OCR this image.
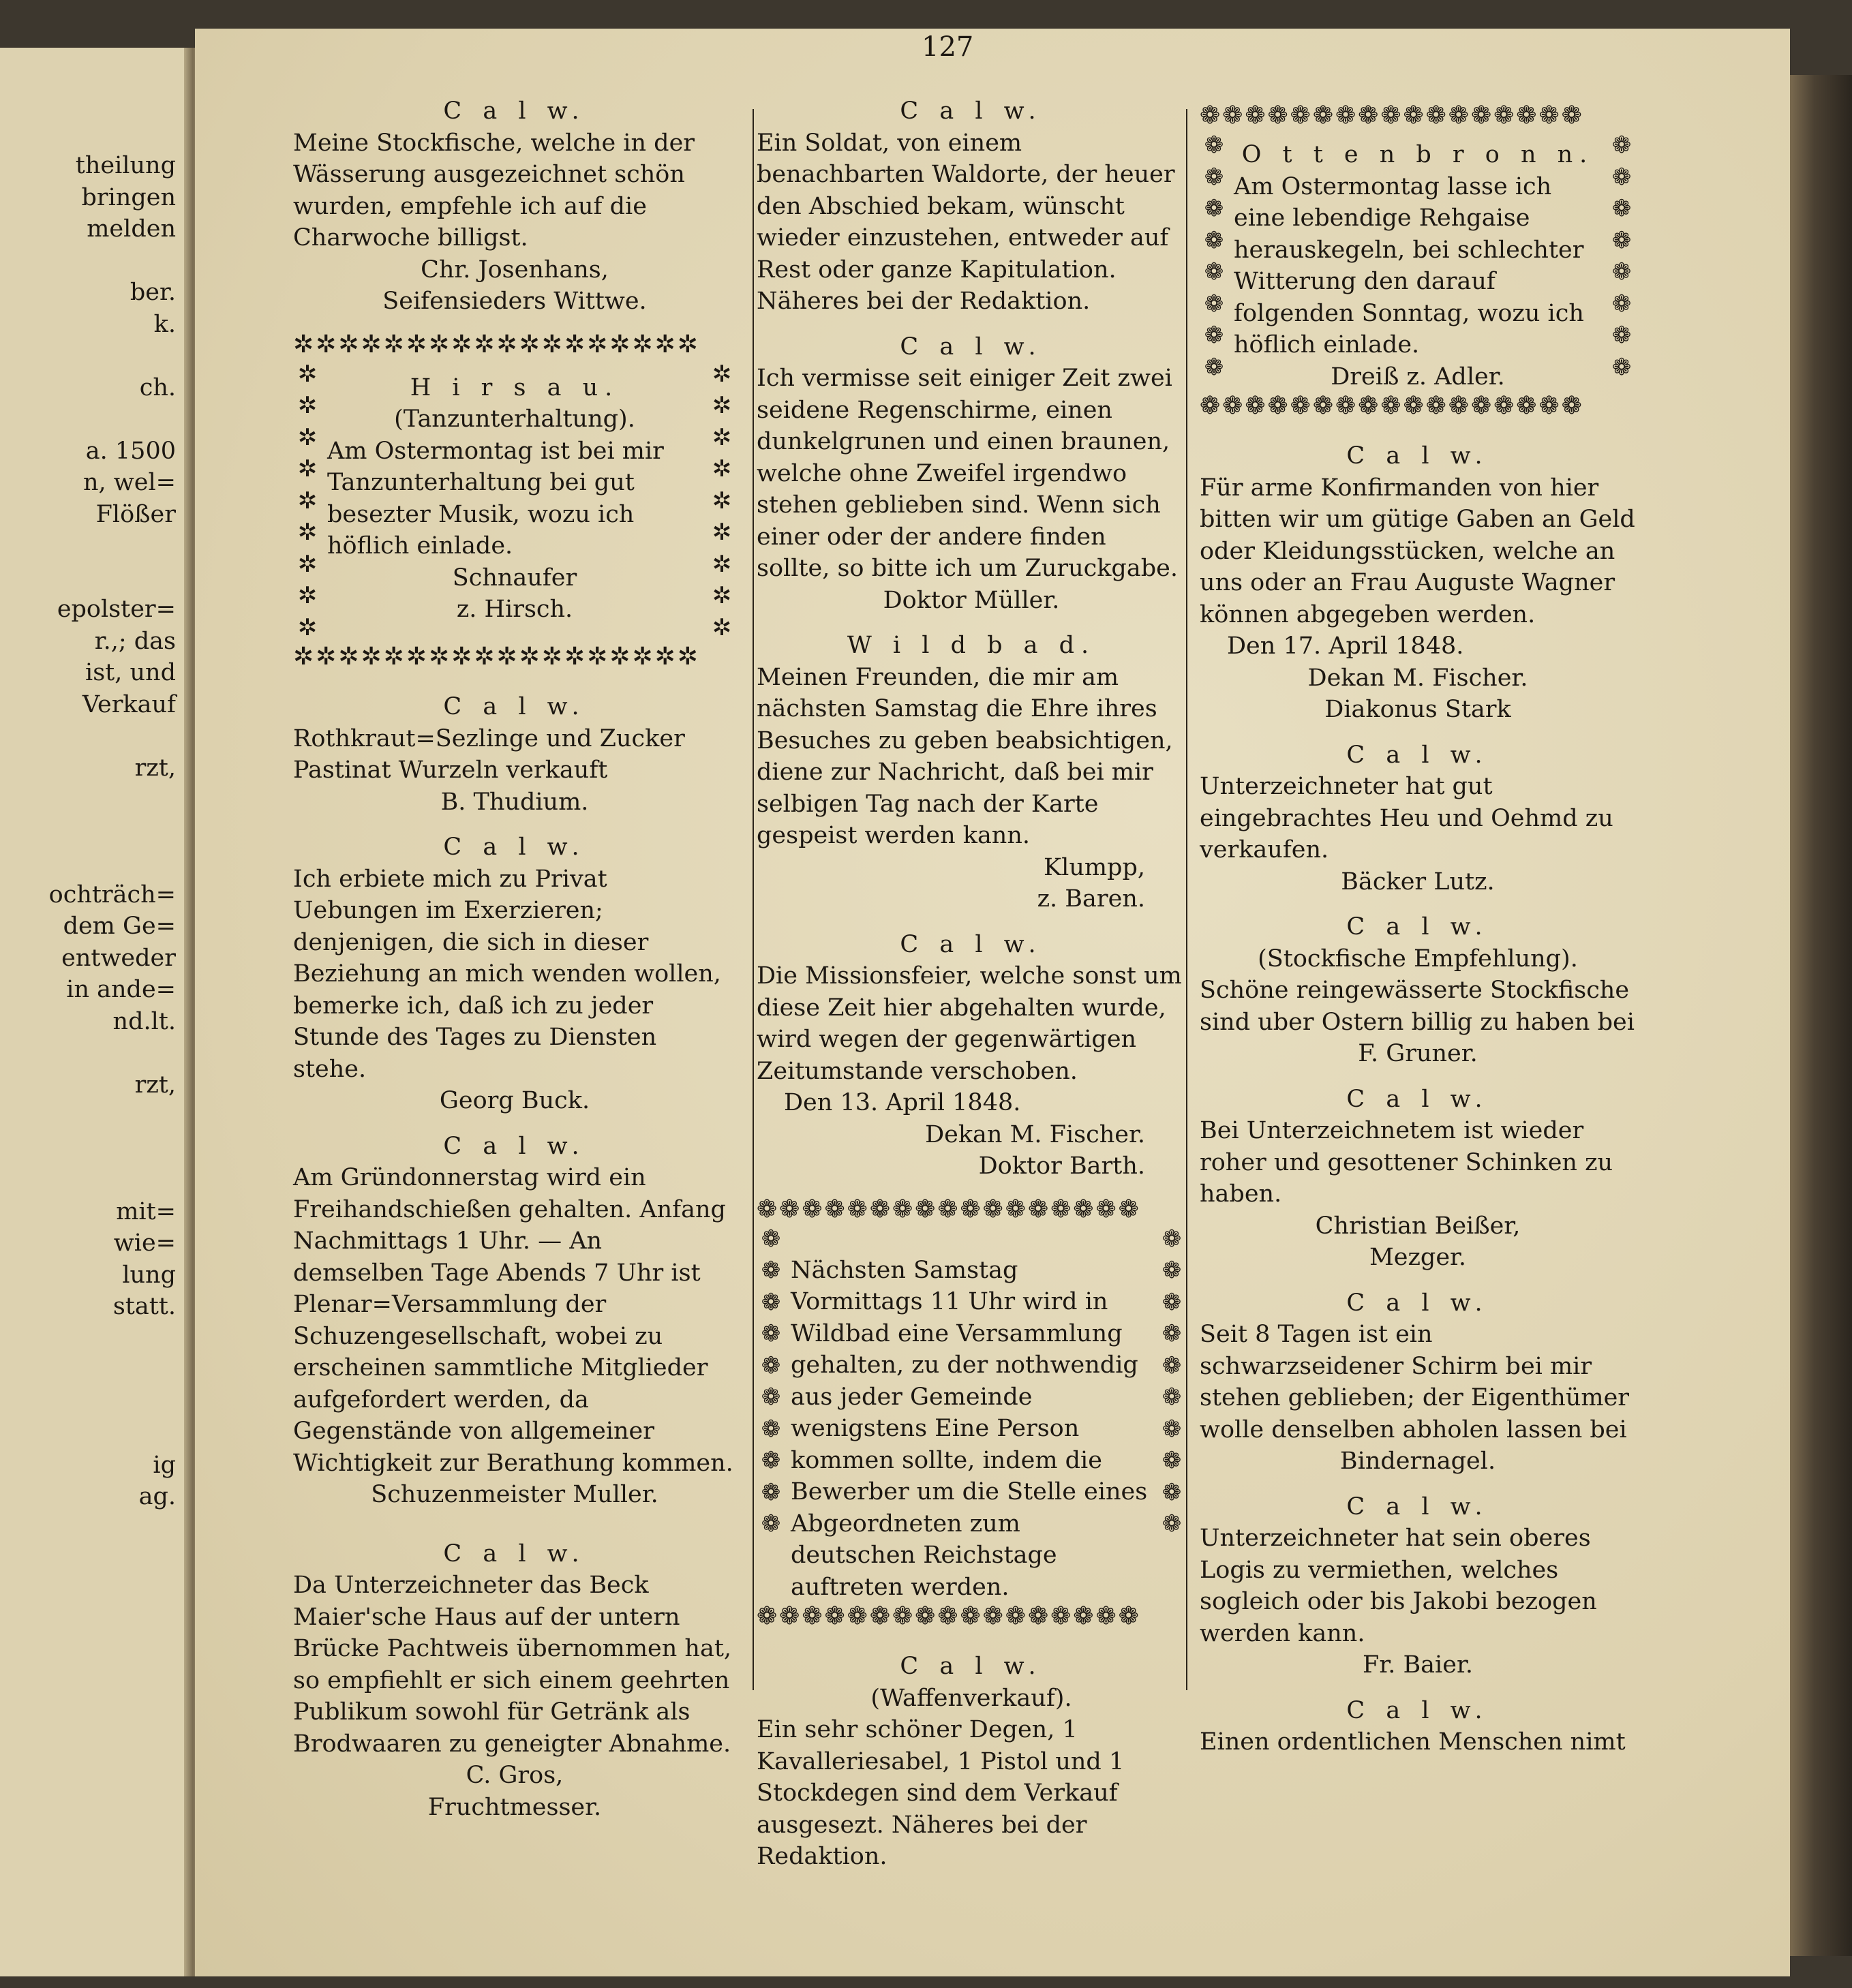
theilung

bringen

melden

ber.

k.

ch.

a. 1500

n, wel=

Flößer

epolster=

r.,; das

ist, und

Verkauf

rzt,

ochträch=

dem Ge=

entweder

in ande=

nd.lt.

rzt,

mit=

wie=

lung

statt.

ig

ag.

127

C a l w.

Meine Stockfische, welche in der Wässerung ausgezeichnet schön wurden, empfehle ich auf die Charwoche billigst.

Chr. Josenhans,

Seifensieders Wittwe.

✲✲✲✲✲✲✲✲✲✲✲✲✲✲✲✲✲✲

✲

✲

✲

✲

✲

✲

✲

✲

✲

H i r s a u.

(Tanzunterhaltung).

Am Ostermontag ist bei mir Tanzunterhaltung bei gut besezter Musik, wozu ich höflich einlade.

Schnaufer

z. Hirsch.

✲

✲

✲

✲

✲

✲

✲

✲

✲

✲✲✲✲✲✲✲✲✲✲✲✲✲✲✲✲✲✲

C a l w.

Rothkraut=Sezlinge und Zucker Pastinat Wurzeln verkauft

B. Thudium.

C a l w.

Ich erbiete mich zu Privat Uebungen im Exerzieren; denjenigen, die sich in dieser Beziehung an mich wenden wollen, bemerke ich, daß ich zu jeder Stunde des Tages zu Diensten stehe.

Georg Buck.

C a l w.

Am Gründonnerstag wird ein Freihandschießen gehalten. Anfang Nachmittags 1 Uhr. — An demselben Tage Abends 7 Uhr ist Plenar=Versammlung der Schuzengesellschaft, wobei zu erscheinen sammtliche Mitglieder aufgefordert werden, da Gegenstände von allgemeiner Wichtigkeit zur Berathung kommen.

Schuzenmeister Muller.

C a l w.

Da Unterzeichneter das Beck Maier'sche Haus auf der untern Brücke Pachtweis übernommen hat, so empfiehlt er sich einem geehrten Publikum sowohl für Getränk als Brodwaaren zu geneigter Abnahme.

C. Gros,

Fruchtmesser.

C a l w.

Ein Soldat, von einem benachbarten Waldorte, der heuer den Abschied bekam, wünscht wieder einzustehen, entweder auf Rest oder ganze Kapitulation. Näheres bei der Redaktion.

C a l w.

Ich vermisse seit einiger Zeit zwei seidene Regenschirme, einen dunkelgrunen und einen braunen, welche ohne Zweifel irgendwo stehen geblieben sind. Wenn sich einer oder der andere finden sollte, so bitte ich um Zuruckgabe.

Doktor Müller.

W i l d b a d.

Meinen Freunden, die mir am nächsten Samstag die Ehre ihres Besuches zu geben beabsichtigen, diene zur Nachricht, daß bei mir selbigen Tag nach der Karte gespeist werden kann.

Klumpp,

z. Baren.

C a l w.

Die Missionsfeier, welche sonst um diese Zeit hier abgehalten wurde, wird wegen der gegenwärtigen Zeitumstande verschoben.

Den 13. April 1848.

Dekan M. Fischer.

Doktor Barth.

❁❁❁❁❁❁❁❁❁❁❁❁❁❁❁❁❁

❁

❁

❁

❁

❁

❁

❁

❁

❁

❁

Nächsten Samstag Vormittags 11 Uhr wird in Wildbad eine Versammlung gehalten, zu der nothwendig aus jeder Gemeinde wenigstens Eine Person kommen sollte, indem die Bewerber um die Stelle eines Abgeordneten zum deutschen Reichstage auftreten werden.

❁

❁

❁

❁

❁

❁

❁

❁

❁

❁

❁❁❁❁❁❁❁❁❁❁❁❁❁❁❁❁❁

C a l w.

(Waffenverkauf).

Ein sehr schöner Degen, 1 Kavalleriesabel, 1 Pistol und 1 Stockdegen sind dem Verkauf ausgesezt. Näheres bei der Redaktion.

❁❁❁❁❁❁❁❁❁❁❁❁❁❁❁❁❁

❁

❁

❁

❁

❁

❁

❁

❁

O t t e n b r o n n.

Am Ostermontag lasse ich eine lebendige Rehgaise herauskegeln, bei schlechter Witterung den darauf folgenden Sonntag, wozu ich höflich einlade.

Dreiß z. Adler.

❁

❁

❁

❁

❁

❁

❁

❁

❁❁❁❁❁❁❁❁❁❁❁❁❁❁❁❁❁

C a l w.

Für arme Konfirmanden von hier bitten wir um gütige Gaben an Geld oder Kleidungsstücken, welche an uns oder an Frau Auguste Wagner können abgegeben werden.

Den 17. April 1848.

Dekan M. Fischer.

Diakonus Stark

C a l w.

Unterzeichneter hat gut eingebrachtes Heu und Oehmd zu verkaufen.

Bäcker Lutz.

C a l w.

(Stockfische Empfehlung).

Schöne reingewässerte Stockfische sind uber Ostern billig zu haben bei

F. Gruner.

C a l w.

Bei Unterzeichnetem ist wieder roher und gesottener Schinken zu haben.

Christian Beißer,

Mezger.

C a l w.

Seit 8 Tagen ist ein schwarzseidener Schirm bei mir stehen geblieben; der Eigenthümer wolle denselben abholen lassen bei

Bindernagel.

C a l w.

Unterzeichneter hat sein oberes Logis zu vermiethen, welches sogleich oder bis Jakobi bezogen werden kann.

Fr. Baier.

C a l w.

Einen ordentlichen Menschen nimt
